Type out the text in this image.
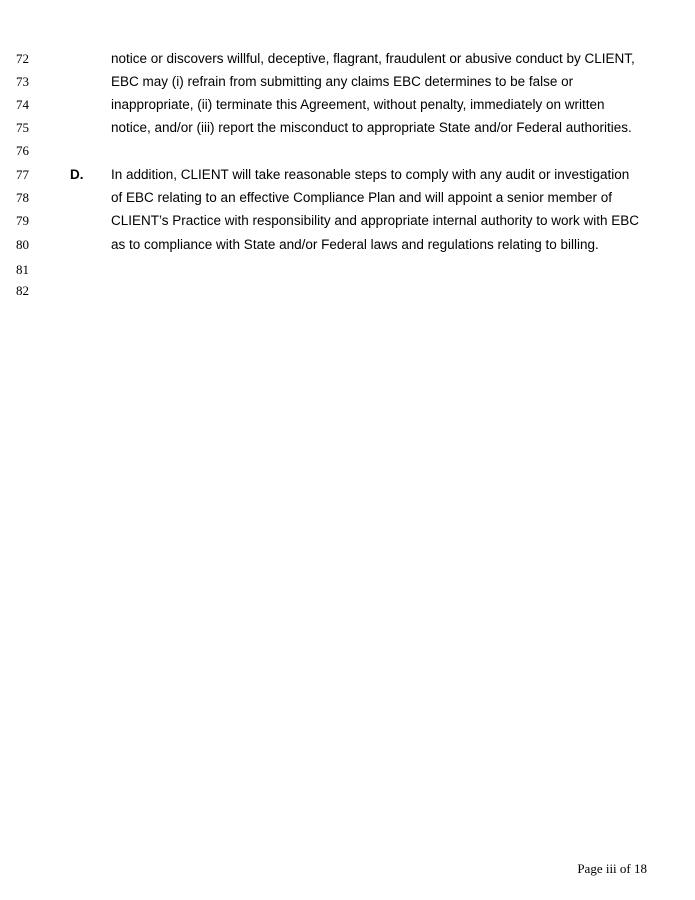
72	notice or discovers willful, deceptive, flagrant, fraudulent or abusive conduct by CLIENT,
73	EBC may (i) refrain from submitting any claims EBC determines to be false or
74	inappropriate, (ii) terminate this Agreement, without penalty, immediately on written
75	notice, and/or (iii) report the misconduct to appropriate State and/or Federal authorities.
76
77	D. In addition, CLIENT will take reasonable steps to comply with any audit or investigation
78	of EBC relating to an effective Compliance Plan and will appoint a senior member of
79	CLIENT’s Practice with responsibility and appropriate internal authority to work with EBC
80	as to compliance with State and/or Federal laws and regulations relating to billing.
81
82
Page iii of 18
